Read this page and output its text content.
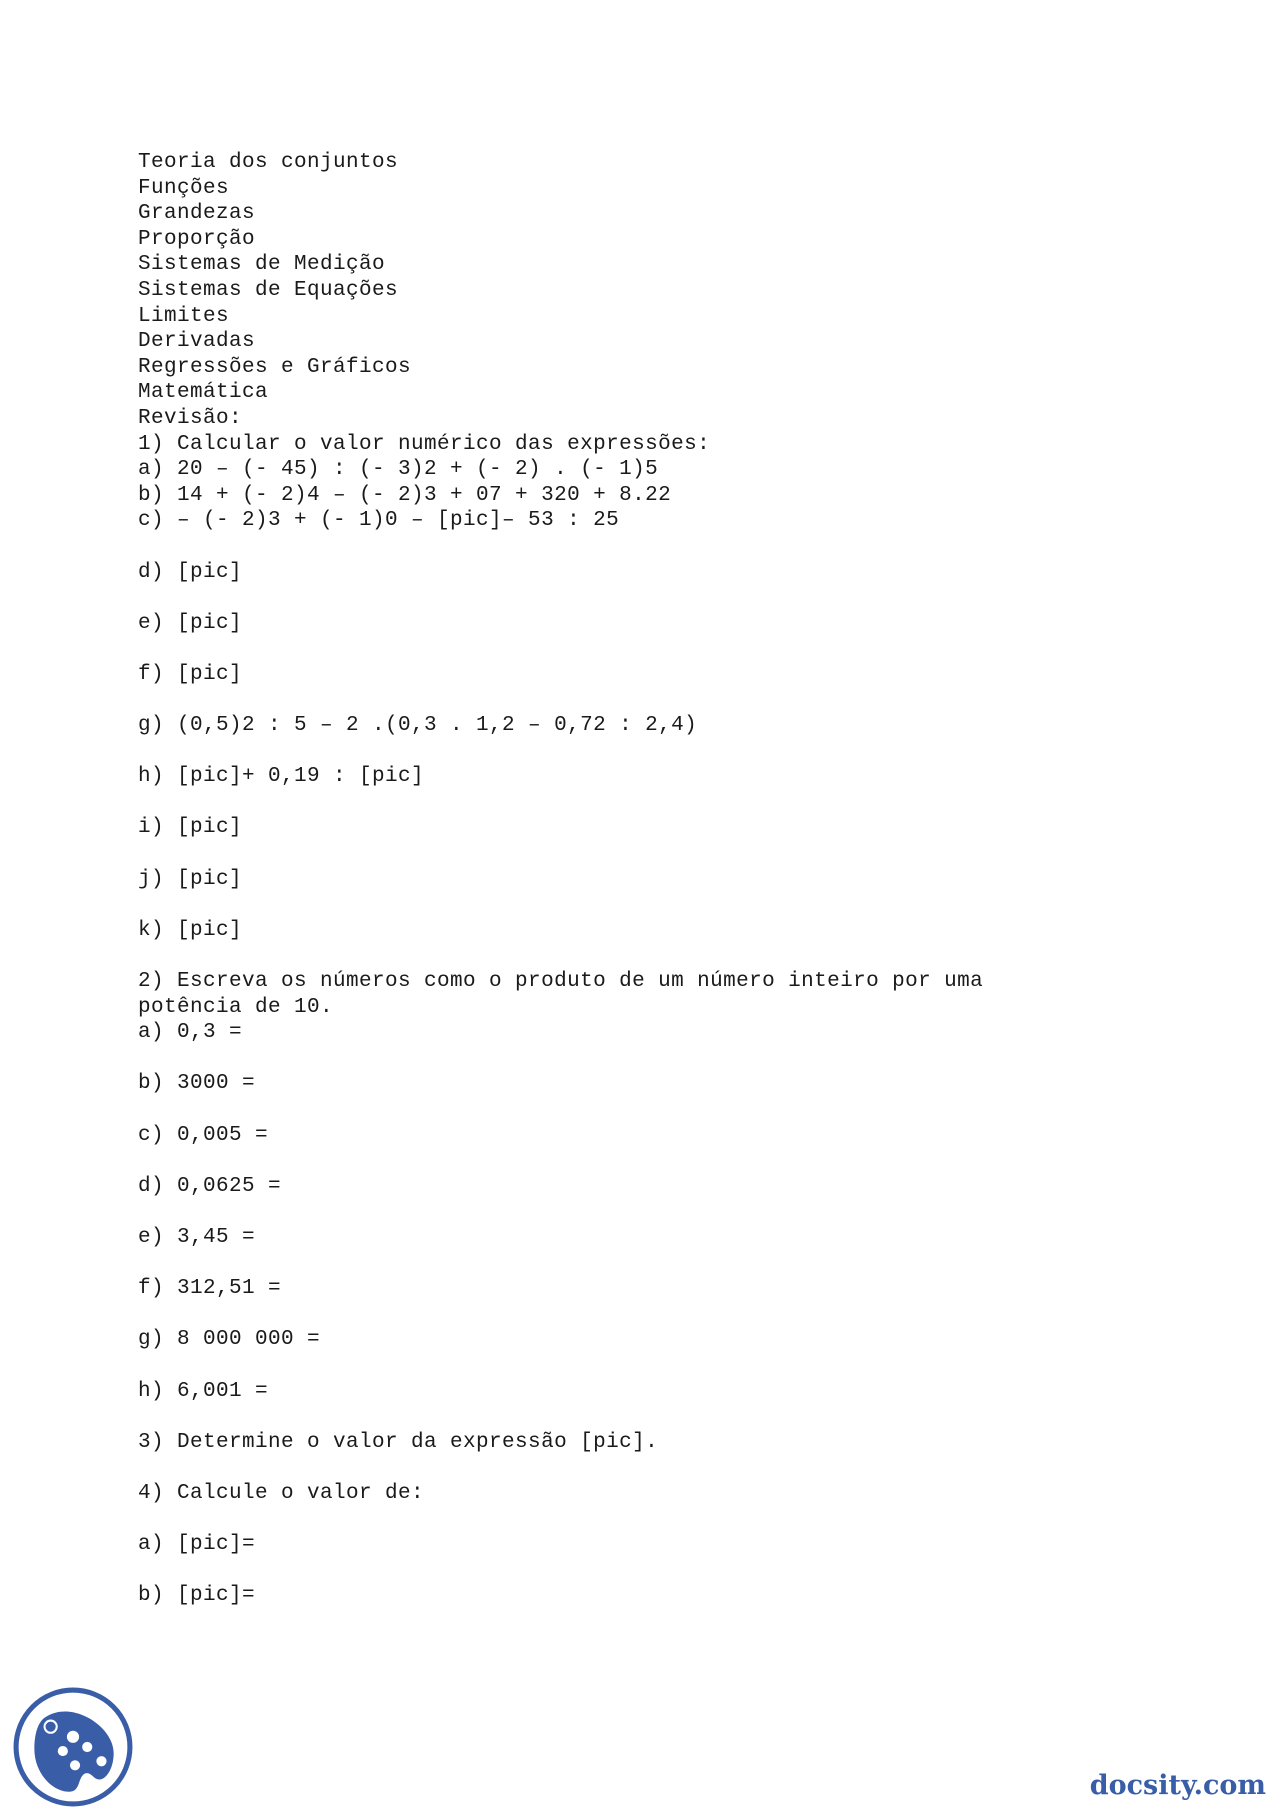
Teoria dos conjuntos
Funções
Grandezas
Proporção
Sistemas de Medição
Sistemas de Equações
Limites
Derivadas
Regressões e Gráficos
Matemática
Revisão:
1) Calcular o valor numérico das expressões:
a) 20 – (- 45) : (- 3)2 + (- 2) . (- 1)5
b) 14 + (- 2)4 – (- 2)3 + 07 + 320 + 8.22
c) – (- 2)3 + (- 1)0 – [pic]– 53 : 25
d) [pic]
e) [pic]
f) [pic]
g) (0,5)2 : 5 – 2 .(0,3 . 1,2 – 0,72 : 2,4)
h) [pic]+ 0,19 : [pic]
i) [pic]
j) [pic]
k) [pic]
2) Escreva os números como o produto de um número inteiro por uma
potência de 10.
a) 0,3 =
b) 3000 =
c) 0,005 =
d) 0,0625 =
e) 3,45 =
f) 312,51 =
g) 8 000 000 =
h) 6,001 =
3) Determine o valor da expressão [pic].
4) Calcule o valor de:
a) [pic]=
b) [pic]=
docsity.com
